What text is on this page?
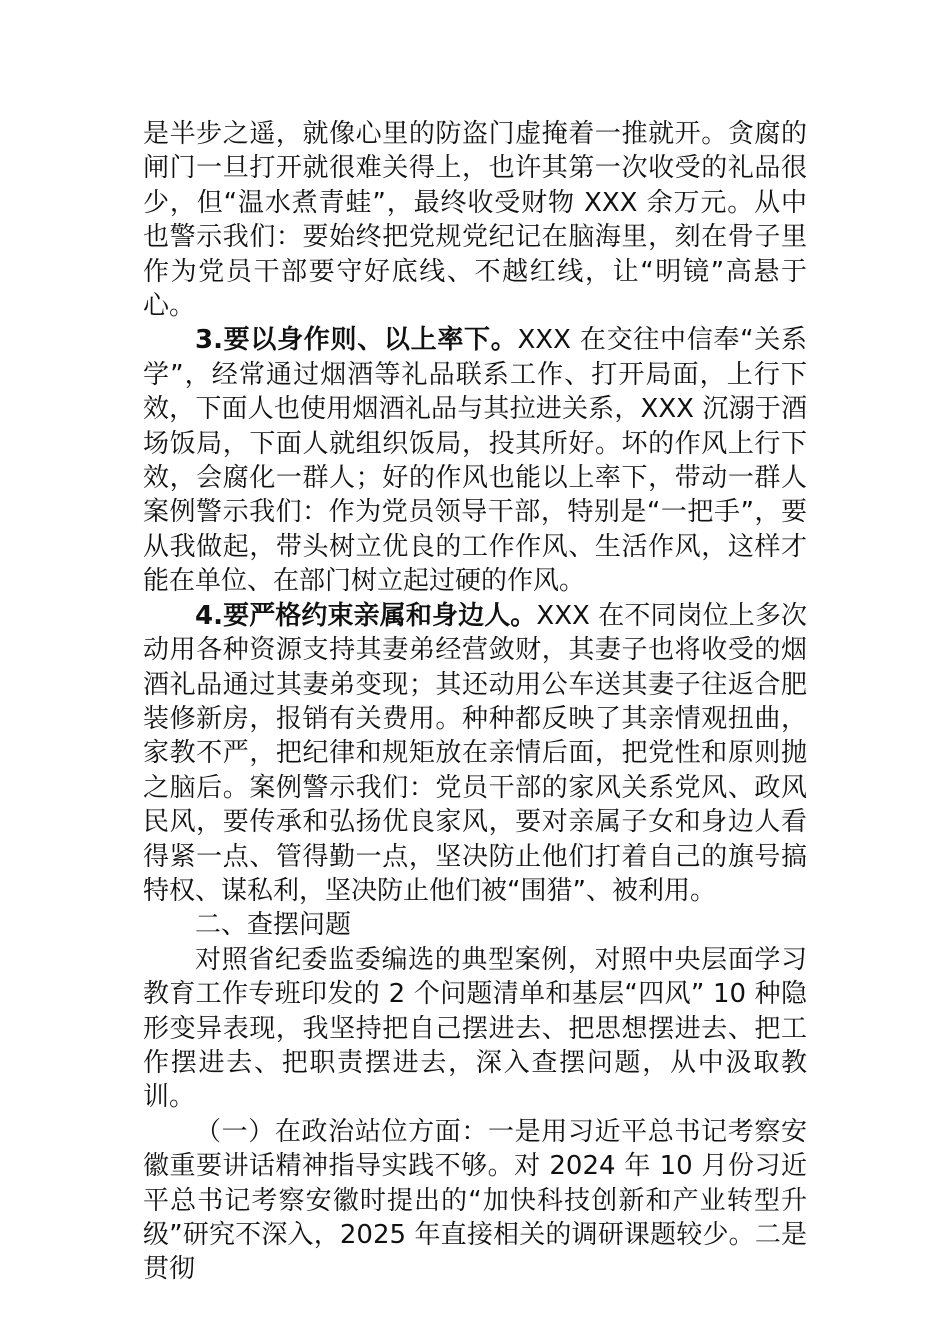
是半步之遥，就像心里的防盗门虚掩着一推就开。贪腐的闸门一旦打开就很难关得上，也许其第一次收受的礼品很少，但“温水煮青蛙”，最终收受财物 XXX 余万元。从中也警示我们：要始终把党规党纪记在脑海里，刻在骨子里作为党员干部要守好底线、不越红线，让“明镜”高悬于心。

3.要以身作则、以上率下。XXX 在交往中信奉“关系学”，经常通过烟酒等礼品联系工作、打开局面，上行下效，下面人也使用烟酒礼品与其拉进关系，XXX 沉溺于酒场饭局，下面人就组织饭局，投其所好。坏的作风上行下效，会腐化一群人；好的作风也能以上率下，带动一群人案例警示我们：作为党员领导干部，特别是“一把手”，要从我做起，带头树立优良的工作作风、生活作风，这样才能在单位、在部门树立起过硬的作风。

4.要严格约束亲属和身边人。XXX 在不同岗位上多次动用各种资源支持其妻弟经营敛财，其妻子也将收受的烟酒礼品通过其妻弟变现；其还动用公车送其妻子往返合肥装修新房，报销有关费用。种种都反映了其亲情观扭曲，家教不严，把纪律和规矩放在亲情后面，把党性和原则抛之脑后。案例警示我们：党员干部的家风关系党风、政风民风，要传承和弘扬优良家风，要对亲属子女和身边人看得紧一点、管得勤一点，坚决防止他们打着自己的旗号搞特权、谋私利，坚决防止他们被“围猎”、被利用。

二、查摆问题

对照省纪委监委编选的典型案例，对照中央层面学习教育工作专班印发的 2 个问题清单和基层“四风” 10 种隐形变异表现，我坚持把自己摆进去、把思想摆进去、把工作摆进去、把职责摆进去，深入查摆问题，从中汲取教训。

（一）在政治站位方面：一是用习近平总书记考察安徽重要讲话精神指导实践不够。对 2024 年 10 月份习近平总书记考察安徽时提出的“加快科技创新和产业转型升级”研究不深入，2025 年直接相关的调研课题较少。二是贯彻
